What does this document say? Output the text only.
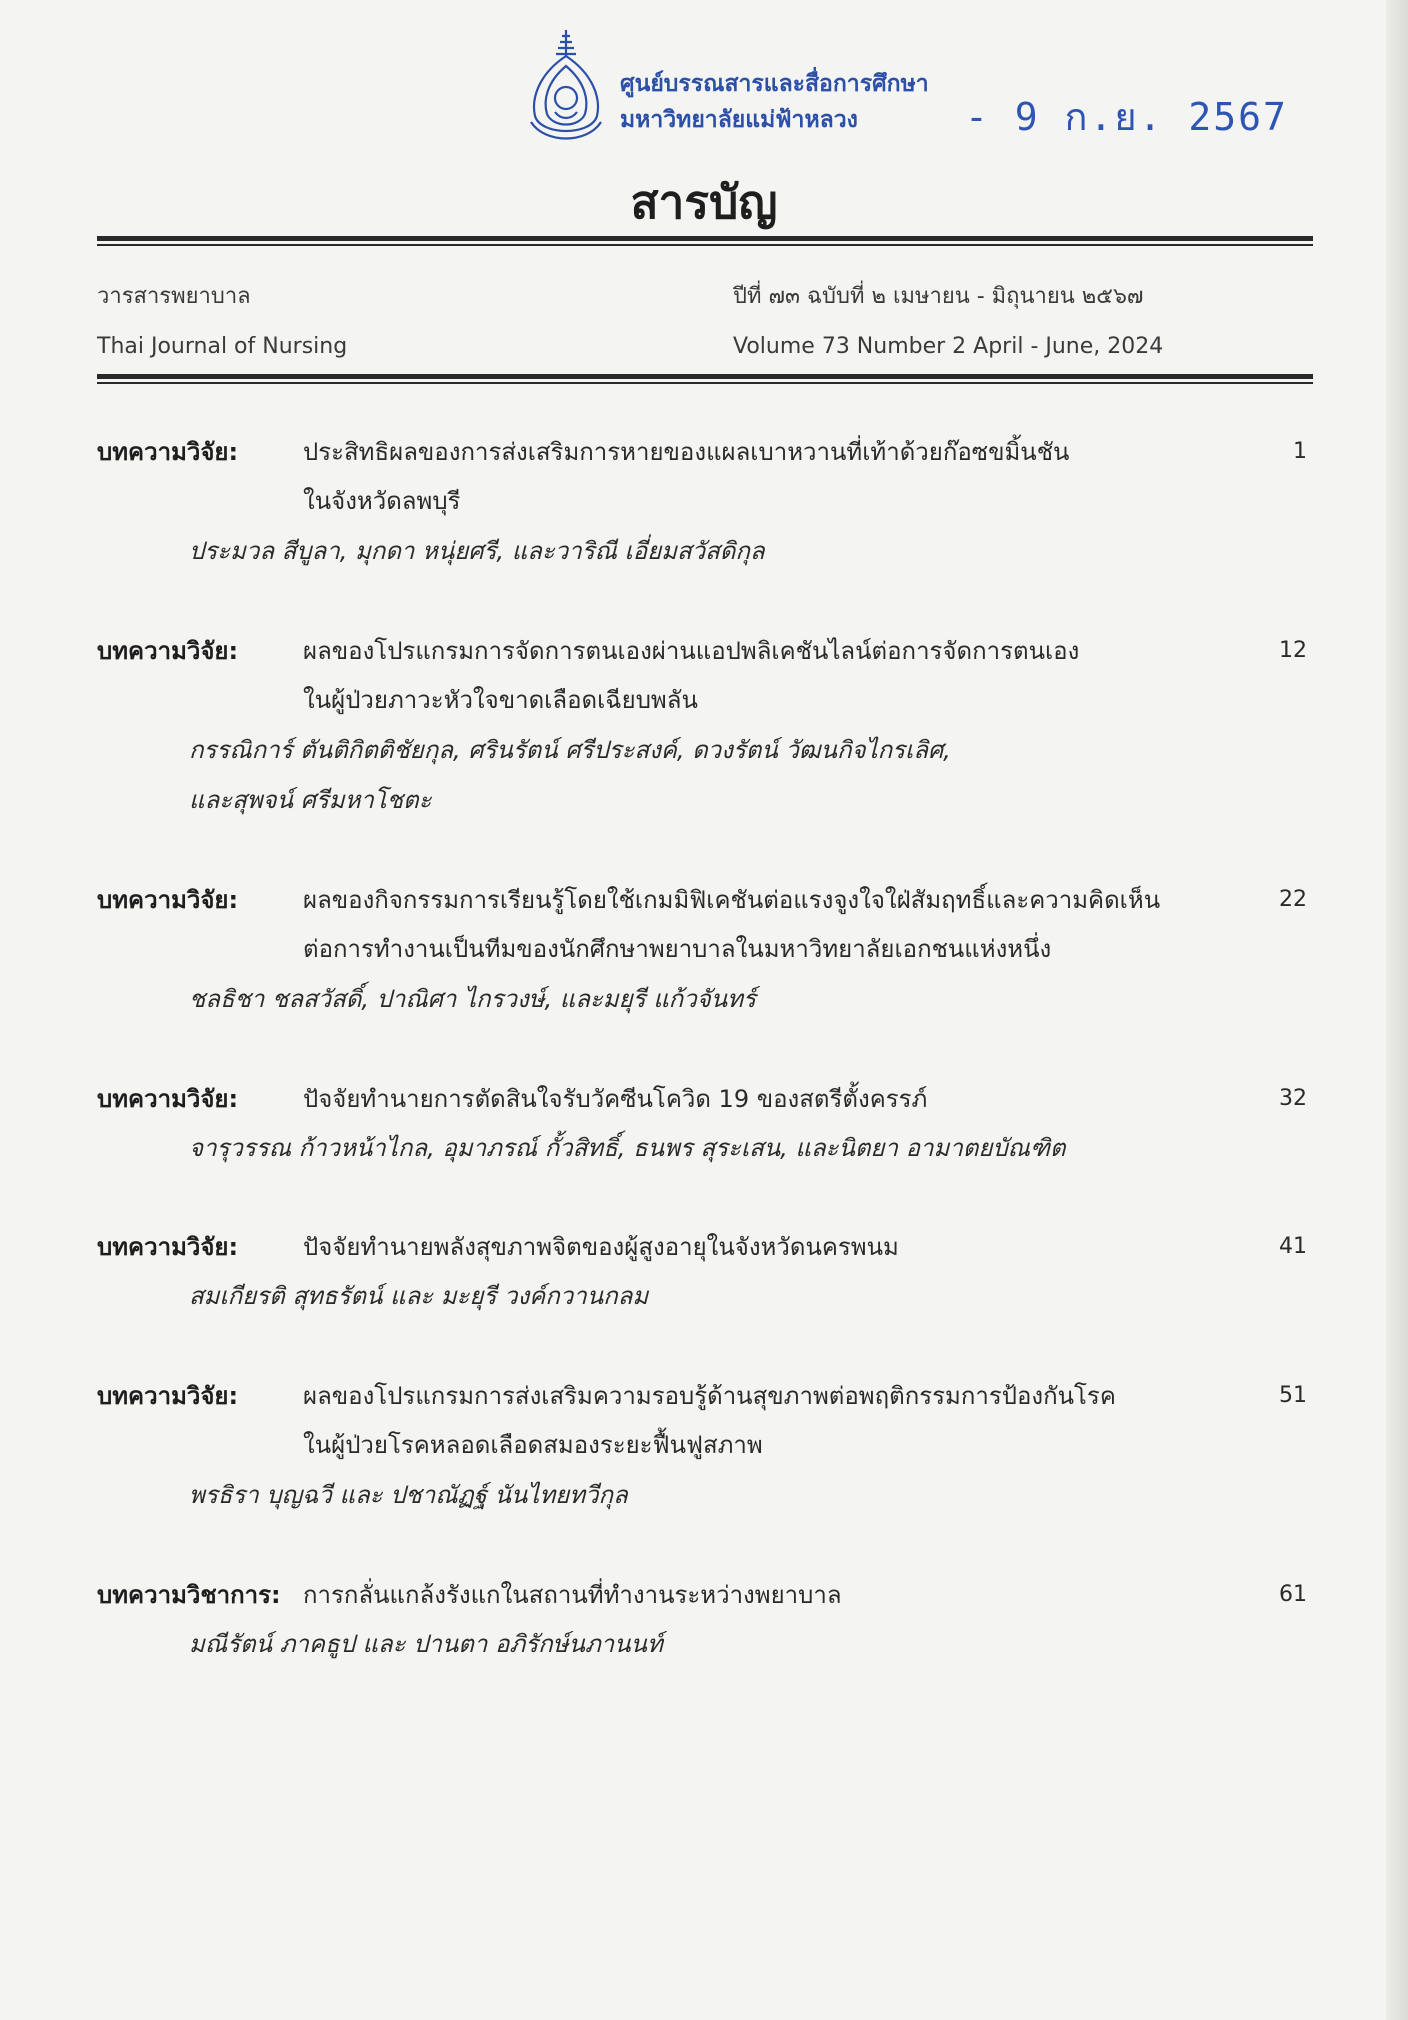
ศูนย์บรรณสารและสื่อการศึกษา
มหาวิทยาลัยแม่ฟ้าหลวง	- 9 ก.ย. 2567
สารบัญ
วารสารพยาบาล
Thai Journal of Nursing
ปีที่ ๗๓ ฉบับที่ ๒ เมษายน - มิถุนายน ๒๕๖๗
Volume 73 Number 2 April - June, 2024
บทความวิจัย:	ประสิทธิผลของการส่งเสริมการหายของแผลเบาหวานที่เท้าด้วยก๊อซขมิ้นชัน	1
ในจังหวัดลพบุรี
ประมวล สีบูลา, มุกดา หนุ่ยศรี, และวาริณี เอี่ยมสวัสดิกุล
บทความวิจัย:	ผลของโปรแกรมการจัดการตนเองผ่านแอปพลิเคชันไลน์ต่อการจัดการตนเอง	12
ในผู้ป่วยภาวะหัวใจขาดเลือดเฉียบพลัน
กรรณิการ์ ตันติกิตติชัยกุล, ศรินรัตน์ ศรีประสงค์, ดวงรัตน์ วัฒนกิจไกรเลิศ,
และสุพจน์ ศรีมหาโชตะ
บทความวิจัย:	ผลของกิจกรรมการเรียนรู้โดยใช้เกมมิฟิเคชันต่อแรงจูงใจใฝ่สัมฤทธิ์และความคิดเห็น	22
ต่อการทำงานเป็นทีมของนักศึกษาพยาบาลในมหาวิทยาลัยเอกชนแห่งหนึ่ง
ชลธิชา ชลสวัสดิ์, ปาณิศา ไกรวงษ์, และมยุรี แก้วจันทร์
บทความวิจัย:	ปัจจัยทำนายการตัดสินใจรับวัคซีนโควิด 19 ของสตรีตั้งครรภ์	32
จารุวรรณ ก้าวหน้าไกล, อุมาภรณ์ กั้วสิทธิ์, ธนพร สุระเสน, และนิตยา อามาตยบัณฑิต
บทความวิจัย:	ปัจจัยทำนายพลังสุขภาพจิตของผู้สูงอายุในจังหวัดนครพนม	41
สมเกียรติ สุทธรัตน์ และ มะยุรี วงค์กวานกลม
บทความวิจัย:	ผลของโปรแกรมการส่งเสริมความรอบรู้ด้านสุขภาพต่อพฤติกรรมการป้องกันโรค	51
ในผู้ป่วยโรคหลอดเลือดสมองระยะฟื้นฟูสภาพ
พรธิรา บุญฉวี และ ปชาณัฏฐ์ นันไทยทวีกุล
บทความวิชาการ: การกลั่นแกล้งรังแกในสถานที่ทำงานระหว่างพยาบาล	61
มณีรัตน์ ภาคธูป และ ปานตา อภิรักษ์นภานนท์
